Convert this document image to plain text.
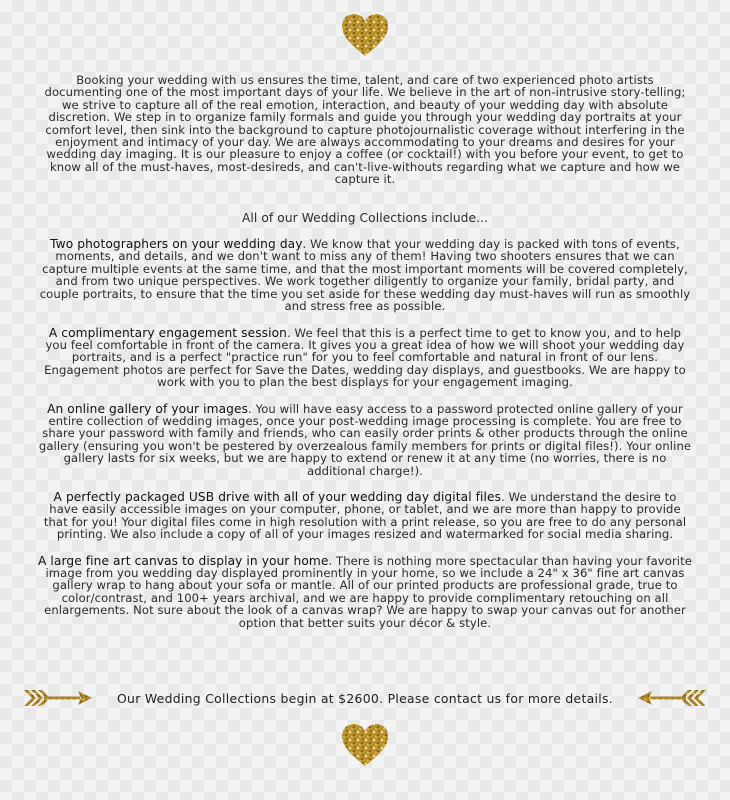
Booking your wedding with us ensures the time, talent, and care of two experienced photo artists documenting one of the most important days of your life. We believe in the art of non-intrusive story-telling; we strive to capture all of the real emotion, interaction, and beauty of your wedding day with absolute discretion. We step in to organize family formals and guide you through your wedding day portraits at your comfort level, then sink into the background to capture photojournalistic coverage without interfering in the enjoyment and intimacy of your day. We are always accommodating to your dreams and desires for your wedding day imaging. It is our pleasure to enjoy a coffee (or cocktail!) with you before your event, to get to know all of the must-haves, most-desireds, and can't-live-withouts regarding what we capture and how we capture it.

All of our Wedding Collections include...

Two photographers on your wedding day. We know that your wedding day is packed with tons of events, moments, and details, and we don't want to miss any of them! Having two shooters ensures that we can capture multiple events at the same time, and that the most important moments will be covered completely, and from two unique perspectives. We work together diligently to organize your family, bridal party, and couple portraits, to ensure that the time you set aside for these wedding day must-haves will run as smoothly and stress free as possible.

A complimentary engagement session. We feel that this is a perfect time to get to know you, and to help you feel comfortable in front of the camera. It gives you a great idea of how we will shoot your wedding day portraits, and is a perfect "practice run" for you to feel comfortable and natural in front of our lens. Engagement photos are perfect for Save the Dates, wedding day displays, and guestbooks. We are happy to work with you to plan the best displays for your engagement imaging.

An online gallery of your images. You will have easy access to a password protected online gallery of your entire collection of wedding images, once your post-wedding image processing is complete. You are free to share your password with family and friends, who can easily order prints & other products through the online gallery (ensuring you won't be pestered by overzealous family members for prints or digital files!). Your online gallery lasts for six weeks, but we are happy to extend or renew it at any time (no worries, there is no additional charge!).

A perfectly packaged USB drive with all of your wedding day digital files. We understand the desire to have easily accessible images on your computer, phone, or tablet, and we are more than happy to provide that for you! Your digital files come in high resolution with a print release, so you are free to do any personal printing. We also include a copy of all of your images resized and watermarked for social media sharing.

A large fine art canvas to display in your home. There is nothing more spectacular than having your favorite image from you wedding day displayed prominently in your home, so we include a 24" x 36" fine art canvas gallery wrap to hang about your sofa or mantle. All of our printed products are professional grade, true to color/contrast, and 100+ years archival, and we are happy to provide complimentary retouching on all enlargements. Not sure about the look of a canvas wrap? We are happy to swap your canvas out for another option that better suits your décor & style.

Our Wedding Collections begin at $2600. Please contact us for more details.
